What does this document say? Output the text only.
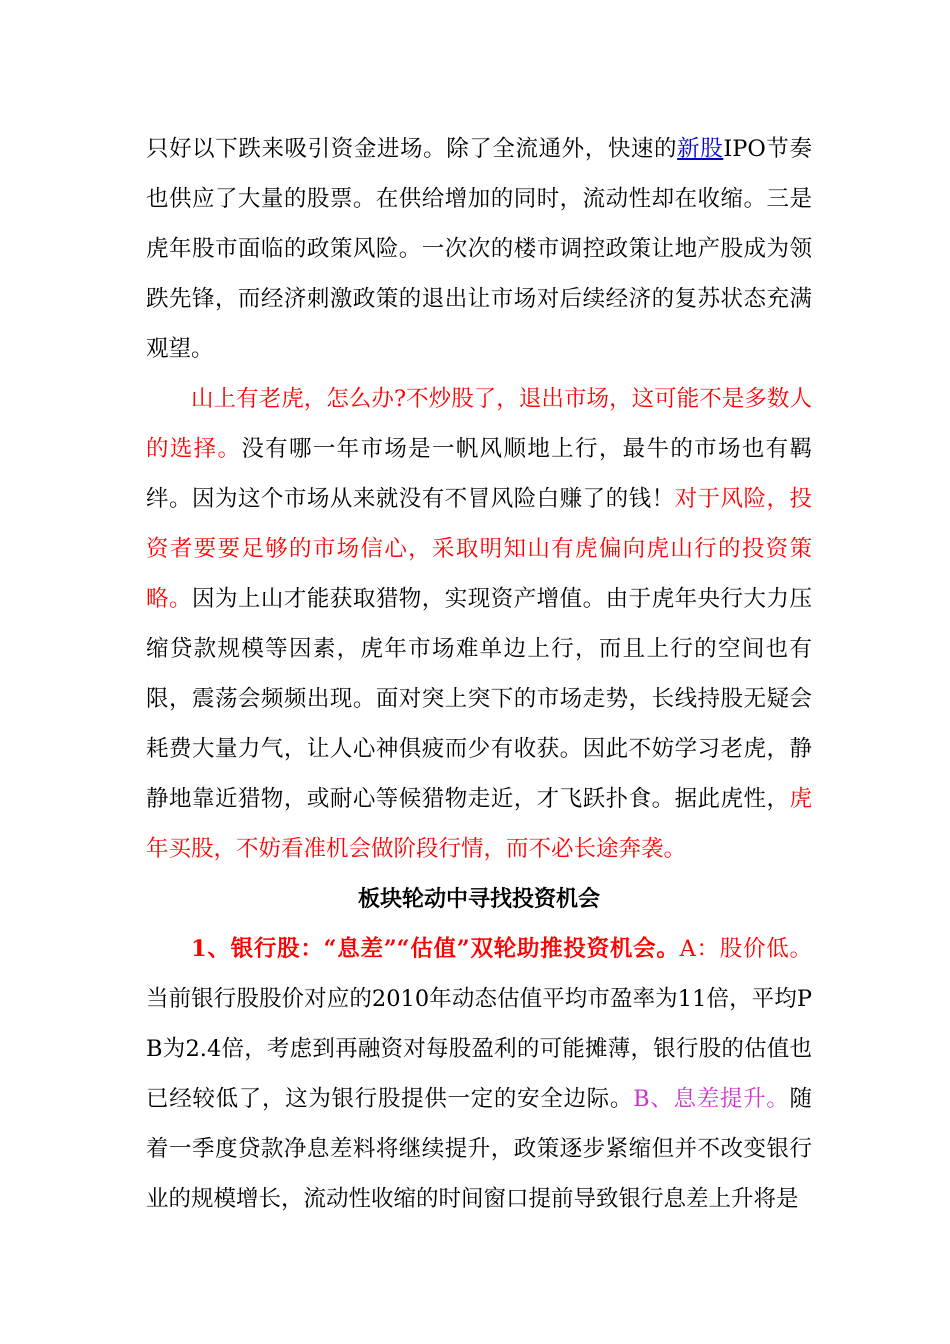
只好以下跌来吸引资金进场。除了全流通外，快速的新股IPO节奏也供应了大量的股票。在供给增加的同时，流动性却在收缩。三是虎年股市面临的政策风险。一次次的楼市调控政策让地产股成为领跌先锋，而经济刺激政策的退出让市场对后续经济的复苏状态充满观望。

山上有老虎，怎么办?不炒股了，退出市场，这可能不是多数人的选择。没有哪一年市场是一帆风顺地上行，最牛的市场也有羁绊。因为这个市场从来就没有不冒风险白赚了的钱！对于风险，投资者要要足够的市场信心，采取明知山有虎偏向虎山行的投资策略。因为上山才能获取猎物，实现资产增值。由于虎年央行大力压缩贷款规模等因素，虎年市场难单边上行，而且上行的空间也有限，震荡会频频出现。面对突上突下的市场走势，长线持股无疑会耗费大量力气，让人心神俱疲而少有收获。因此不妨学习老虎，静静地靠近猎物，或耐心等候猎物走近，才飞跃扑食。据此虎性，虎年买股，不妨看准机会做阶段行情，而不必长途奔袭。

板块轮动中寻找投资机会

1、银行股：“息差”“估值”双轮助推投资机会。A：股价低。当前银行股股价对应的2010年动态估值平均市盈率为11倍，平均PB为2.4倍，考虑到再融资对每股盈利的可能摊薄，银行股的估值也已经较低了，这为银行股提供一定的安全边际。B、息差提升。随着一季度贷款净息差料将继续提升，政策逐步紧缩但并不改变银行业的规模增长，流动性收缩的时间窗口提前导致银行息差上升将是
